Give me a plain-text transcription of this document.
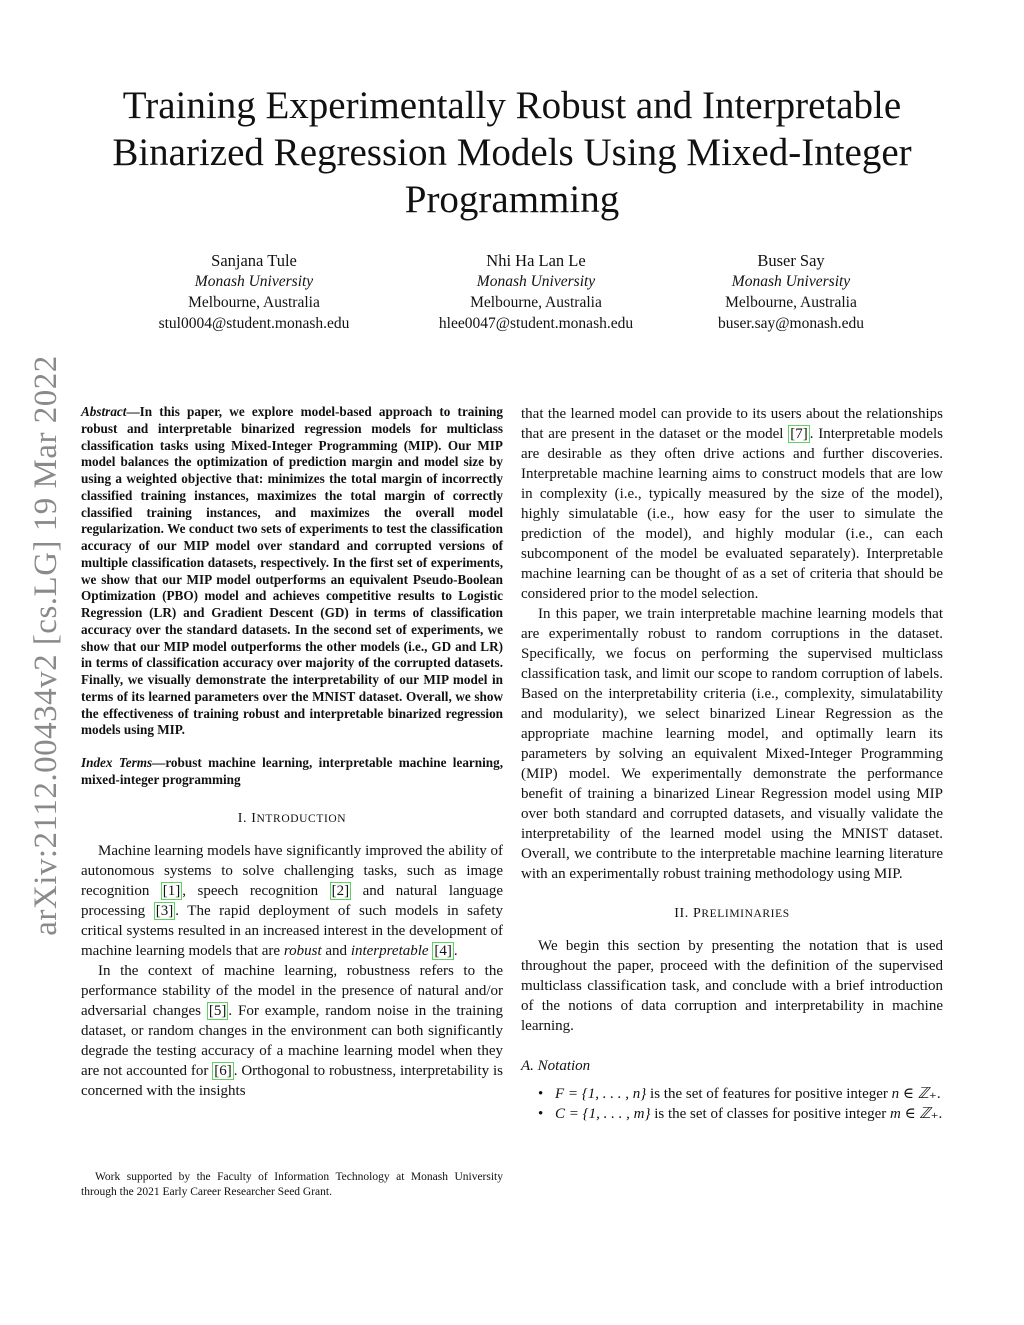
arXiv:2112.00434v2 [cs.LG] 19 Mar 2022
Training Experimentally Robust and Interpretable
Binarized Regression Models Using Mixed-Integer
Programming
Sanjana Tule
Monash University
Melbourne, Australia
stul0004@student.monash.edu
Nhi Ha Lan Le
Monash University
Melbourne, Australia
hlee0047@student.monash.edu
Buser Say
Monash University
Melbourne, Australia
buser.say@monash.edu

Abstract—In this paper, we explore model-based approach to training robust and interpretable binarized regression models for multiclass classification tasks using Mixed-Integer Programming (MIP). Our MIP model balances the optimization of prediction margin and model size by using a weighted objective that: minimizes the total margin of incorrectly classified training instances, maximizes the total margin of correctly classified training instances, and maximizes the overall model regularization. We conduct two sets of experiments to test the classification accuracy of our MIP model over standard and corrupted versions of multiple classification datasets, respectively. In the first set of experiments, we show that our MIP model outperforms an equivalent Pseudo-Boolean Optimization (PBO) model and achieves competitive results to Logistic Regression (LR) and Gradient Descent (GD) in terms of classification accuracy over the standard datasets. In the second set of experiments, we show that our MIP model outperforms the other models (i.e., GD and LR) in terms of classification accuracy over majority of the corrupted datasets. Finally, we visually demonstrate the interpretability of our MIP model in terms of its learned parameters over the MNIST dataset. Overall, we show the effectiveness of training robust and interpretable binarized regression models using MIP.

Index Terms—robust machine learning, interpretable machine learning, mixed-integer programming

I. INTRODUCTION

Machine learning models have significantly improved the ability of autonomous systems to solve challenging tasks, such as image recognition [1] , speech recognition [2] and natural language processing [3] . The rapid deployment of such models in safety critical systems resulted in an increased interest in the development of machine learning models that are robust and interpretable [4] .

In the context of machine learning, robustness refers to the performance stability of the model in the presence of natural and/or adversarial changes [5] . For example, random noise in the training dataset, or random changes in the environment can both significantly degrade the testing accuracy of a machine learning model when they are not accounted for [6] . Orthogonal to robustness, interpretability is concerned with the insights

Work supported by the Faculty of Information Technology at Monash University through the 2021 Early Career Researcher Seed Grant.

that the learned model can provide to its users about the relationships that are present in the dataset or the model [7] . Interpretable models are desirable as they often drive actions and further discoveries. Interpretable machine learning aims to construct models that are low in complexity (i.e., typically measured by the size of the model), highly simulatable (i.e., how easy for the user to simulate the prediction of the model), and highly modular (i.e., can each subcomponent of the model be evaluated separately). Interpretable machine learning can be thought of as a set of criteria that should be considered prior to the model selection.

In this paper, we train interpretable machine learning models that are experimentally robust to random corruptions in the dataset. Specifically, we focus on performing the supervised multiclass classification task, and limit our scope to random corruption of labels. Based on the interpretability criteria (i.e., complexity, simulatability and modularity), we select binarized Linear Regression as the appropriate machine learning model, and optimally learn its parameters by solving an equivalent Mixed-Integer Programming (MIP) model. We experimentally demonstrate the performance benefit of training a binarized Linear Regression model using MIP over both standard and corrupted datasets, and visually validate the interpretability of the learned model using the MNIST dataset. Overall, we contribute to the interpretable machine learning literature with an experimentally robust training methodology using MIP.

II. PRELIMINARIES

We begin this section by presenting the notation that is used throughout the paper, proceed with the definition of the supervised multiclass classification task, and conclude with a brief introduction of the notions of data corruption and interpretability in machine learning.

A. Notation
• F = {1, . . . , n} is the set of features for positive integer n ∈ ℤ₊.
• C = {1, . . . , m} is the set of classes for positive integer m ∈ ℤ₊.
